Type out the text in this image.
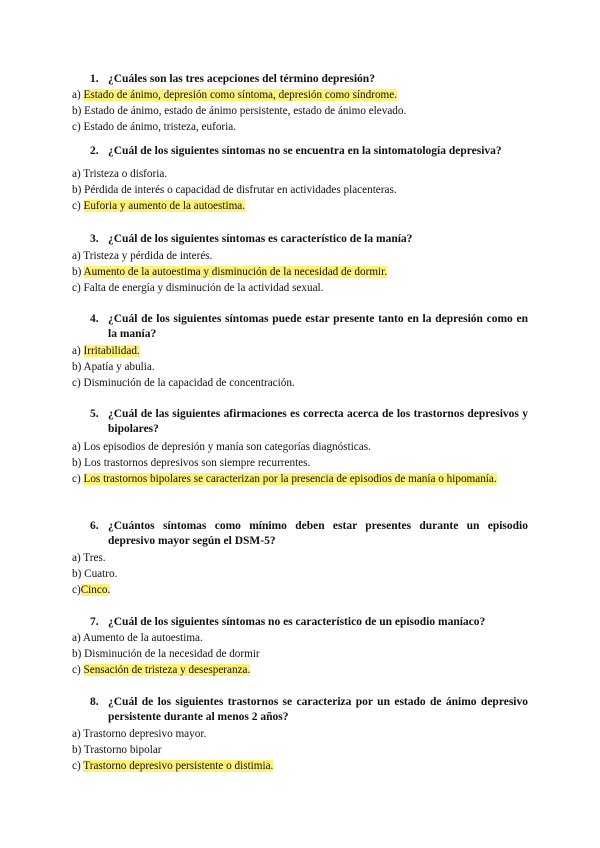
1. ¿Cuáles son las tres acepciones del término depresión?
2. ¿Cuál de los siguientes síntomas no se encuentra en la sintomatología depresiva?
3. ¿Cuál de los siguientes síntomas es característico de la manía?
4. ¿Cuál de los siguientes síntomas puede estar presente tanto en la depresión como en la manía?
5. ¿Cuál de las siguientes afirmaciones es correcta acerca de los trastornos depresivos y bipolares?
6. ¿Cuántos síntomas como mínimo deben estar presentes durante un episodio depresivo mayor según el DSM-5?
7. ¿Cuál de los siguientes síntomas no es característico de un episodio maníaco?
8. ¿Cuál de los siguientes trastornos se caracteriza por un estado de ánimo depresivo persistente durante al menos 2 años?
a) Estado de ánimo, depresión como síntoma, depresión como síndrome.
b) Estado de ánimo, estado de ánimo persistente, estado de ánimo elevado.
c) Estado de ánimo, tristeza, euforia.
a) Tristeza o disforia.
b) Pérdida de interés o capacidad de disfrutar en actividades placenteras.
c) Euforia y aumento de la autoestima.
a) Tristeza y pérdida de interés.
b) Aumento de la autoestima y disminución de la necesidad de dormir.
c) Falta de energía y disminución de la actividad sexual.
a) Irritabilidad.
b) Apatía y abulia.
c) Disminución de la capacidad de concentración.
a) Los episodios de depresión y manía son categorías diagnósticas.
b) Los trastornos depresivos son siempre recurrentes.
c) Los trastornos bipolares se caracterizan por la presencia de episodios de manía o hipomanía.
a) Tres.
b) Cuatro.
c)Cinco.
a) Aumento de la autoestima.
b) Disminución de la necesidad de dormir
c) Sensación de tristeza y desesperanza.
a) Trastorno depresivo mayor.
b) Trastorno bipolar
c) Trastorno depresivo persistente o distimia.
